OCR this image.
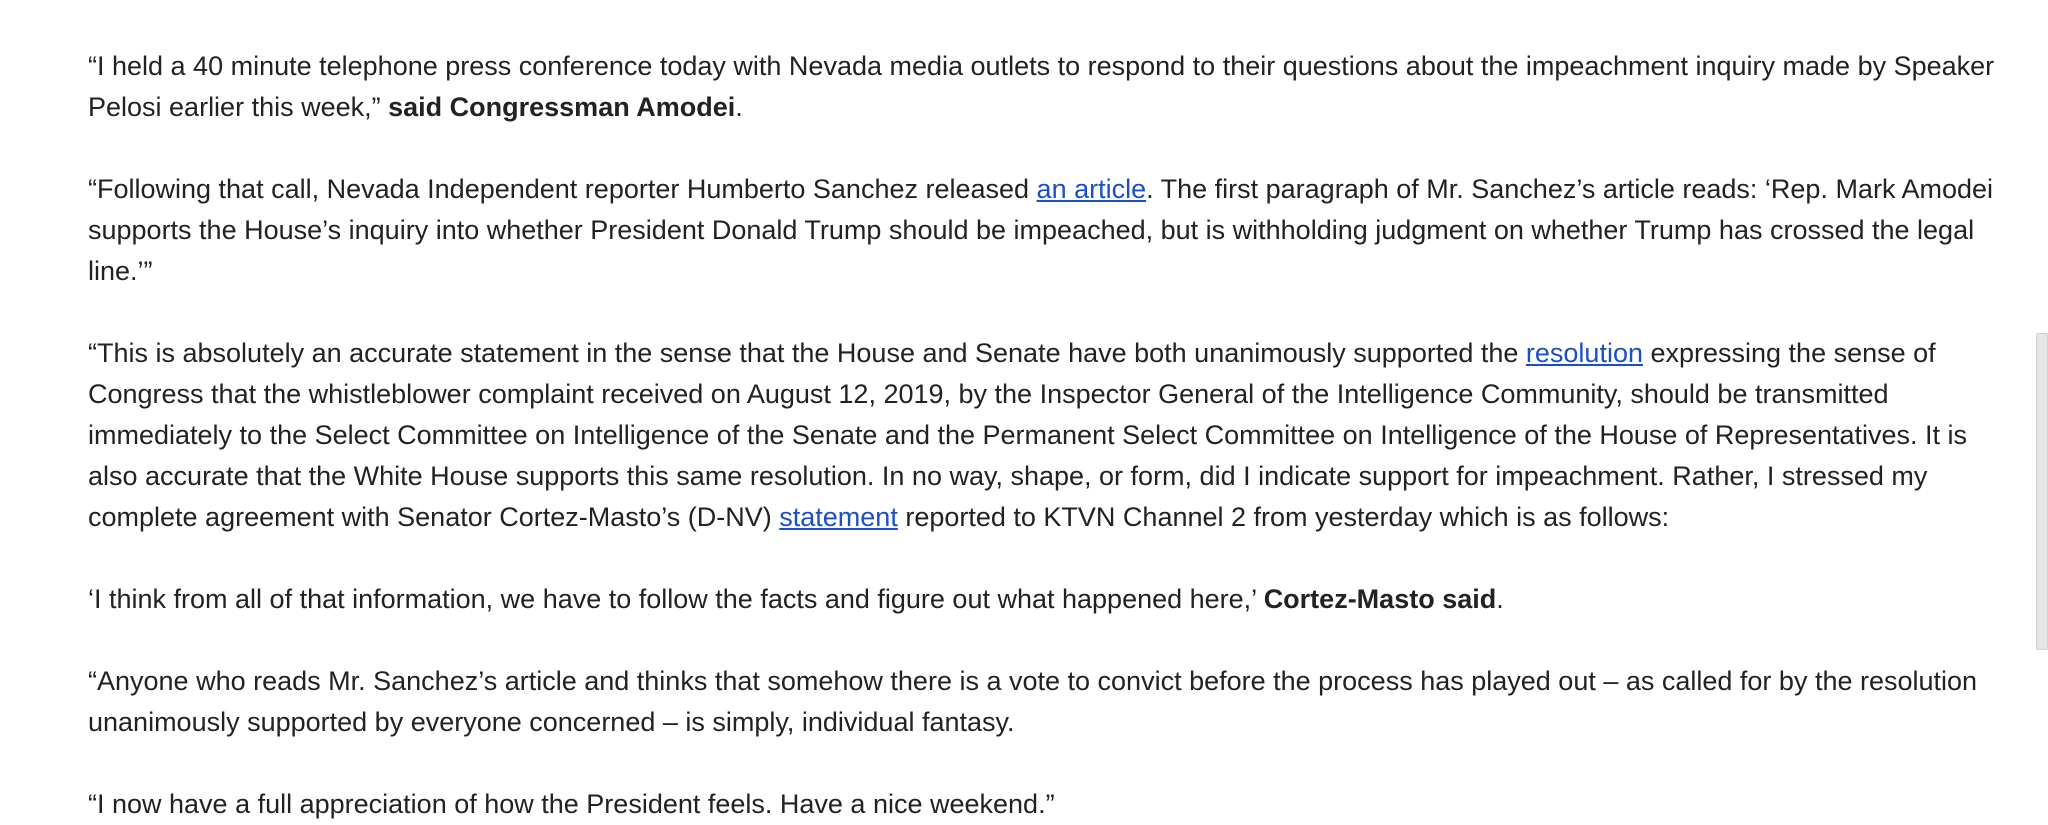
“I held a 40 minute telephone press conference today with Nevada media outlets to respond to their questions about the impeachment inquiry made by Speaker Pelosi earlier this week,” said Congressman Amodei.

“Following that call, Nevada Independent reporter Humberto Sanchez released an article. The first paragraph of Mr. Sanchez’s article reads: ‘Rep. Mark Amodei supports the House’s inquiry into whether President Donald Trump should be impeached, but is withholding judgment on whether Trump has crossed the legal line.’”

“This is absolutely an accurate statement in the sense that the House and Senate have both unanimously supported the resolution expressing the sense of Congress that the whistleblower complaint received on August 12, 2019, by the Inspector General of the Intelligence Community, should be transmitted immediately to the Select Committee on Intelligence of the Senate and the Permanent Select Committee on Intelligence of the House of Representatives. It is also accurate that the White House supports this same resolution. In no way, shape, or form, did I indicate support for impeachment. Rather, I stressed my complete agreement with Senator Cortez-Masto’s (D-NV) statement reported to KTVN Channel 2 from yesterday which is as follows:

‘I think from all of that information, we have to follow the facts and figure out what happened here,’ Cortez-Masto said.

“Anyone who reads Mr. Sanchez’s article and thinks that somehow there is a vote to convict before the process has played out – as called for by the resolution unanimously supported by everyone concerned – is simply, individual fantasy.

“I now have a full appreciation of how the President feels. Have a nice weekend.”
